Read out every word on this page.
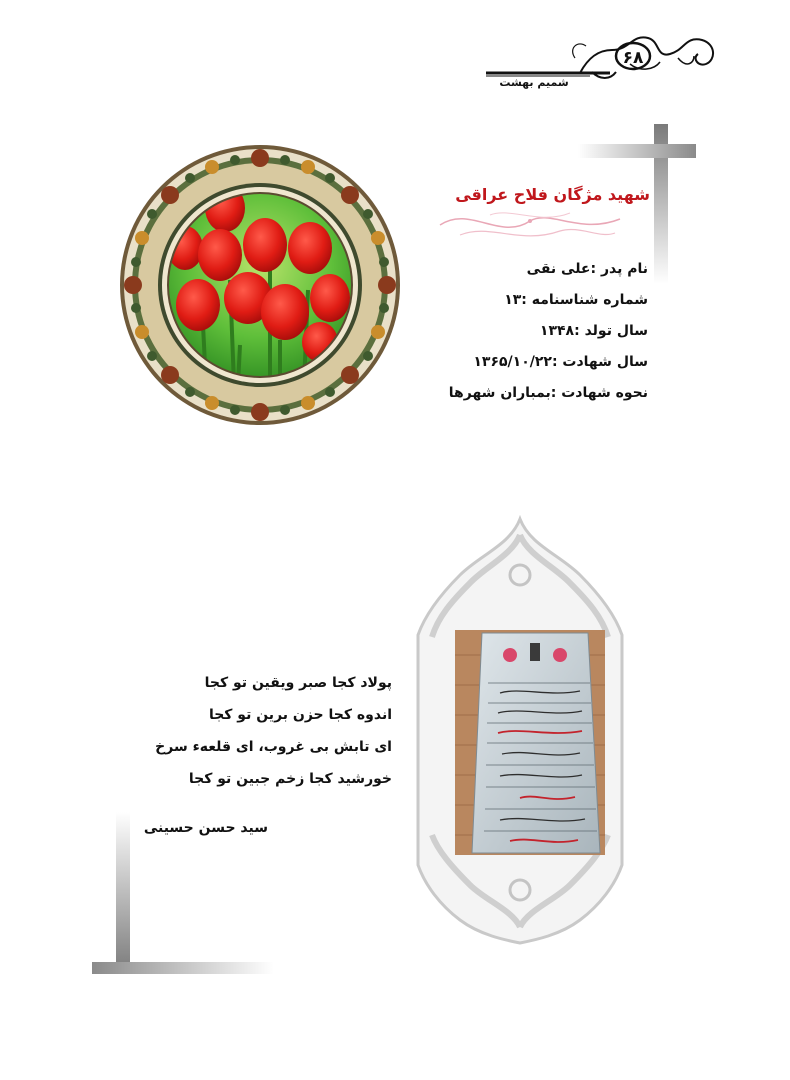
۶۸
شمیم بهشت
شهید مژگان فلاح عراقی
نام پدر :علی نقی
شماره شناسنامه :۱۳
سال تولد :۱۳۴۸
سال شهادت :۱۳۶۵/۱۰/۲۲
نحوه شهادت :بمباران شهرها
پولاد کجا صبر ویقین تو کجا
اندوه کجا حزن برین تو کجا
ای تابش بی غروب، ای قلعهء سرخ
خورشید کجا زخم جبین تو کجا
سید حسن حسینی
